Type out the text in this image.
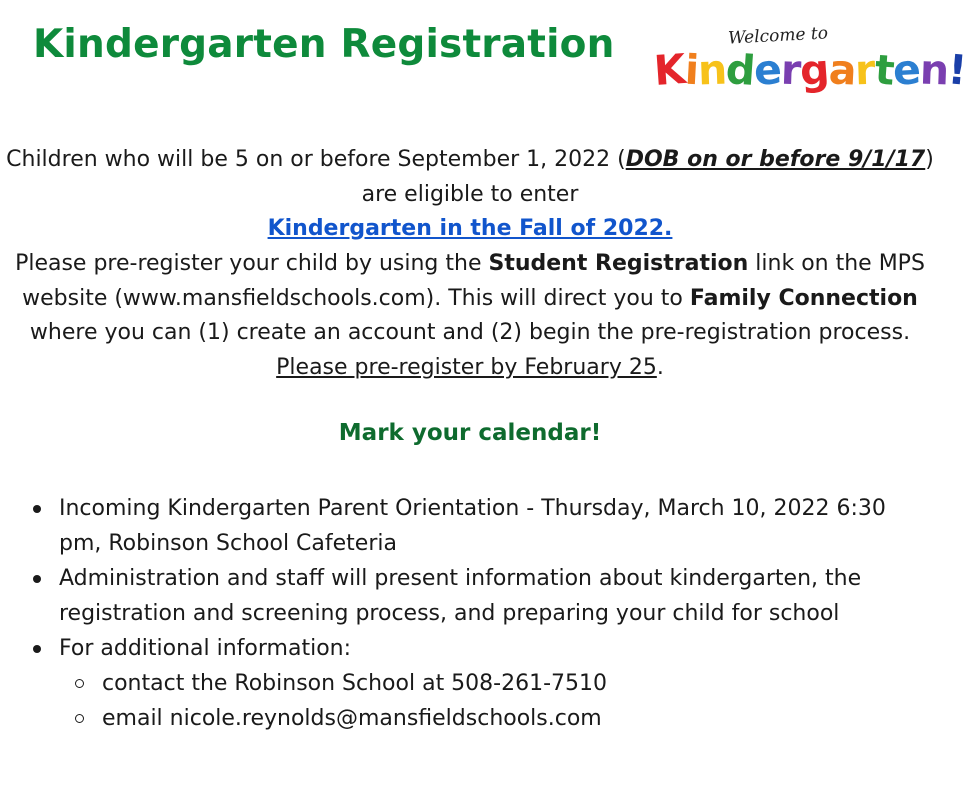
Kindergarten Registration	Welcome to
Kindergarten!

Children who will be 5 on or before September 1, 2022 (DOB on or before 9/1/17) are eligible to enter
Kindergarten in the Fall of 2022.

Please pre-register your child by using the Student Registration link on the MPS website (www.mansfieldschools.com). This will direct you to Family Connection where you can (1) create an account and (2) begin the pre-registration process. Please pre-register by February 25.

Mark your calendar!
Incoming Kindergarten Parent Orientation - Thursday, March 10, 2022 6:30 pm, Robinson School Cafeteria
Administration and staff will present information about kindergarten, the registration and screening process, and preparing your child for school
For additional information:
contact the Robinson School at 508-261-7510
email nicole.reynolds@mansfieldschools.com
